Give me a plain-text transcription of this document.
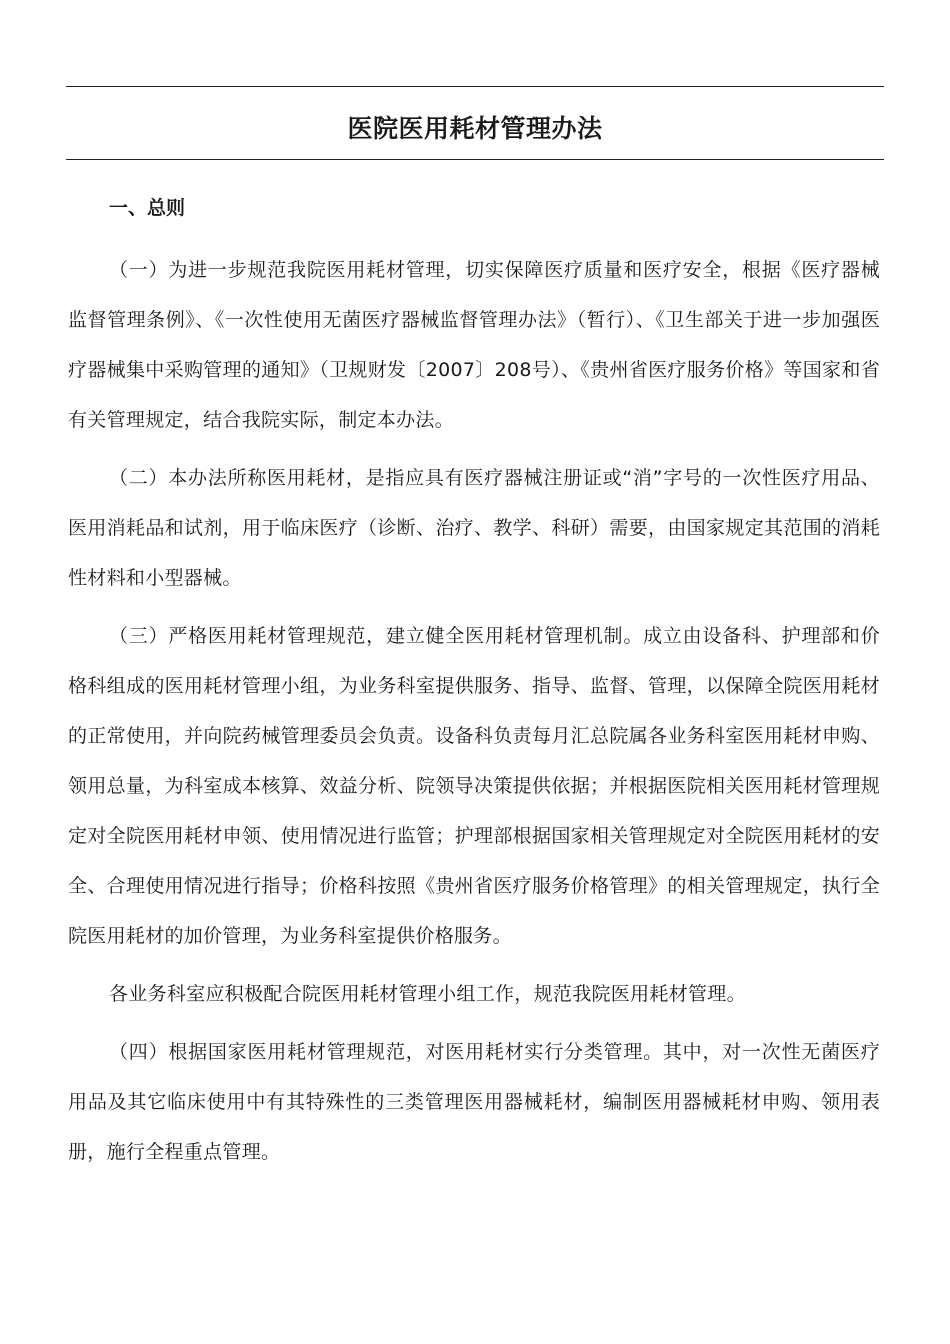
医院医用耗材管理办法
一、总则

（一）为进一步规范我院医用耗材管理，切实保障医疗质量和医疗安全，根据《医疗器械监督管理条例》、《一次性使用无菌医疗器械监督管理办法》（暂行）、《卫生部关于进一步加强医疗器械集中采购管理的通知》（卫规财发〔2007〕208号）、《贵州省医疗服务价格》等国家和省有关管理规定，结合我院实际，制定本办法。

（二）本办法所称医用耗材，是指应具有医疗器械注册证或“消”字号的一次性医疗用品、医用消耗品和试剂，用于临床医疗（诊断、治疗、教学、科研）需要，由国家规定其范围的消耗性材料和小型器械。

（三）严格医用耗材管理规范，建立健全医用耗材管理机制。成立由设备科、护理部和价格科组成的医用耗材管理小组，为业务科室提供服务、指导、监督、管理，以保障全院医用耗材的正常使用，并向院药械管理委员会负责。设备科负责每月汇总院属各业务科室医用耗材申购、领用总量，为科室成本核算、效益分析、院领导决策提供依据；并根据医院相关医用耗材管理规定对全院医用耗材申领、使用情况进行监管；护理部根据国家相关管理规定对全院医用耗材的安全、合理使用情况进行指导；价格科按照《贵州省医疗服务价格管理》的相关管理规定，执行全院医用耗材的加价管理，为业务科室提供价格服务。

各业务科室应积极配合院医用耗材管理小组工作，规范我院医用耗材管理。

（四）根据国家医用耗材管理规范，对医用耗材实行分类管理。其中，对一次性无菌医疗用品及其它临床使用中有其特殊性的三类管理医用器械耗材，编制医用器械耗材申购、领用表册，施行全程重点管理。
